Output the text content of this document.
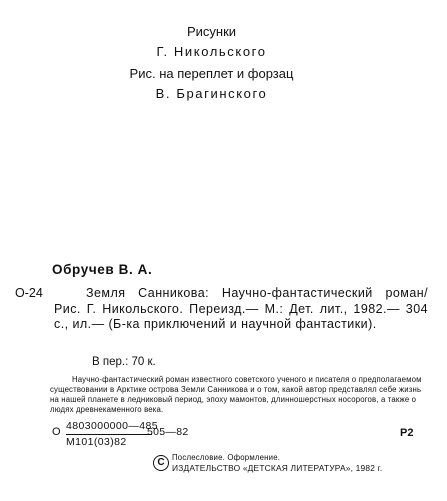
Рисунки
Г. Никольского
Рис. на переплет и форзац
В. Брагинского
Обручев В. А.
О-24	Земля Санникова: Научно-фантастический роман/ Рис. Г. Никольского. Переизд.— М.: Дет. лит., 1982.— 304 с., ил.— (Б-ка приключений и научной фантастики).
В пер.: 70 к.
Научно-фантастический роман известного советского ученого и писателя о предполагаемом существовании в Арктике острова Земли Санникова и о том, какой автор представлял себе жизнь на нашей планете в ледниковый период, эпоху мамонтов, длинношерстных носорогов, а также о людях древнекаменного века.
О 4803000000—485
М101(03)82
505—82	Р2
C Послесловие. Оформление.
ИЗДАТЕЛЬСТВО «ДЕТСКАЯ ЛИТЕРАТУРА», 1982 г.
